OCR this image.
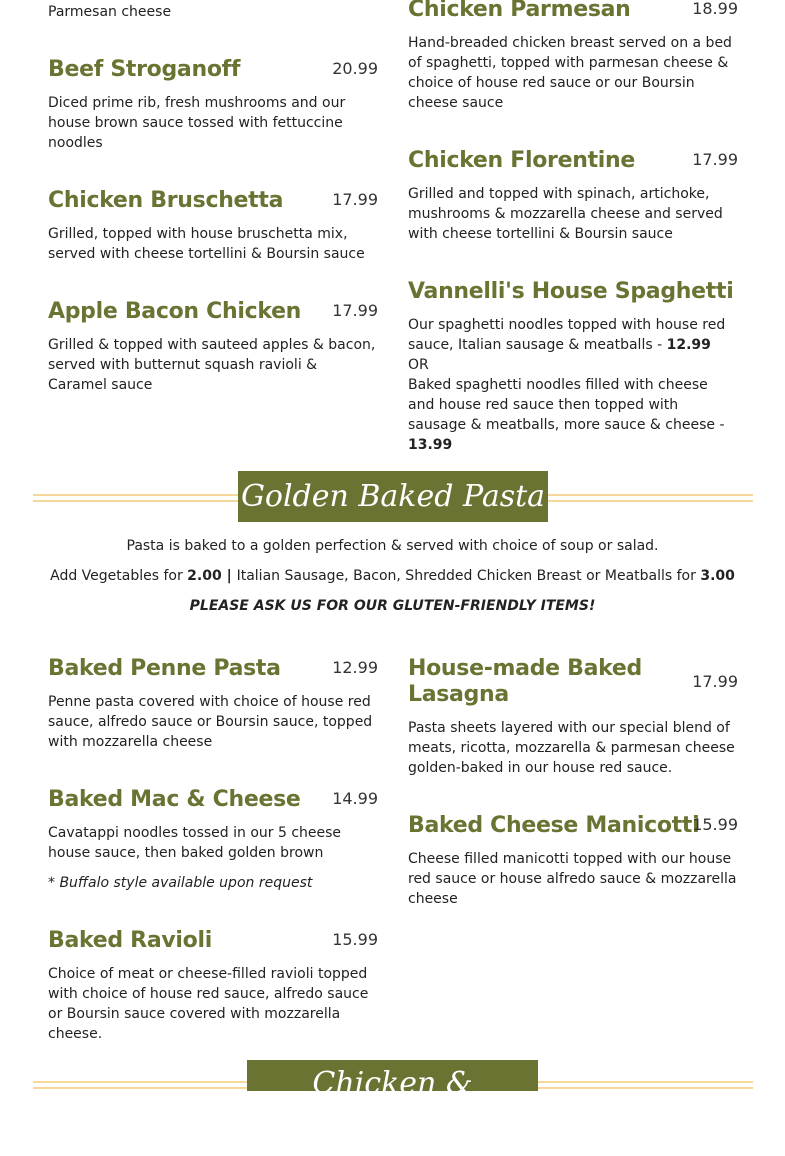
Parmesan cheese

Beef Stroganoff	20.99

Diced prime rib, fresh mushrooms and our house brown sauce tossed with fettuccine noodles

Chicken Bruschetta	17.99

Grilled, topped with house bruschetta mix, served with cheese tortellini & Boursin sauce

Apple Bacon Chicken 17.99

Grilled & topped with sauteed apples & bacon, served with butternut squash ravioli & Caramel sauce

Chicken Parmesan	18.99

Hand-breaded chicken breast served on a bed of spaghetti, topped with parmesan cheese & choice of house red sauce or our Boursin cheese sauce

Chicken Florentine	17.99

Grilled and topped with spinach, artichoke, mushrooms & mozzarella cheese and served with cheese tortellini & Boursin sauce

Vannelli's House Spaghetti

Our spaghetti noodles topped with house red sauce, Italian sausage & meatballs - 12.99

OR

Baked spaghetti noodles filled with cheese and house red sauce then topped with sausage & meatballs, more sauce & cheese - 13.99

Golden Baked Pasta
Pasta is baked to a golden perfection & served with choice of soup or salad.
Add Vegetables for 2.00 | Italian Sausage, Bacon, Shredded Chicken Breast or Meatballs for 3.00
PLEASE ASK US FOR OUR GLUTEN-FRIENDLY ITEMS!
Baked Penne Pasta	12.99

Penne pasta covered with choice of house red sauce, alfredo sauce or Boursin sauce, topped with mozzarella cheese

Baked Mac & Cheese 14.99

Cavatappi noodles tossed in our 5 cheese house sauce, then baked golden brown

* Buffalo style available upon request

Baked Ravioli	15.99

Choice of meat or cheese-filled ravioli topped with choice of house red sauce, alfredo sauce or Boursin sauce covered with mozzarella cheese.

House-made Baked
Lasagna
17.99

Pasta sheets layered with our special blend of meats, ricotta, mozzarella & parmesan cheese golden-baked in our house red sauce.

Baked Cheese Manicotti
15.99

Cheese filled manicotti topped with our house red sauce or house alfredo sauce & mozzarella cheese

Chicken & Burgers
